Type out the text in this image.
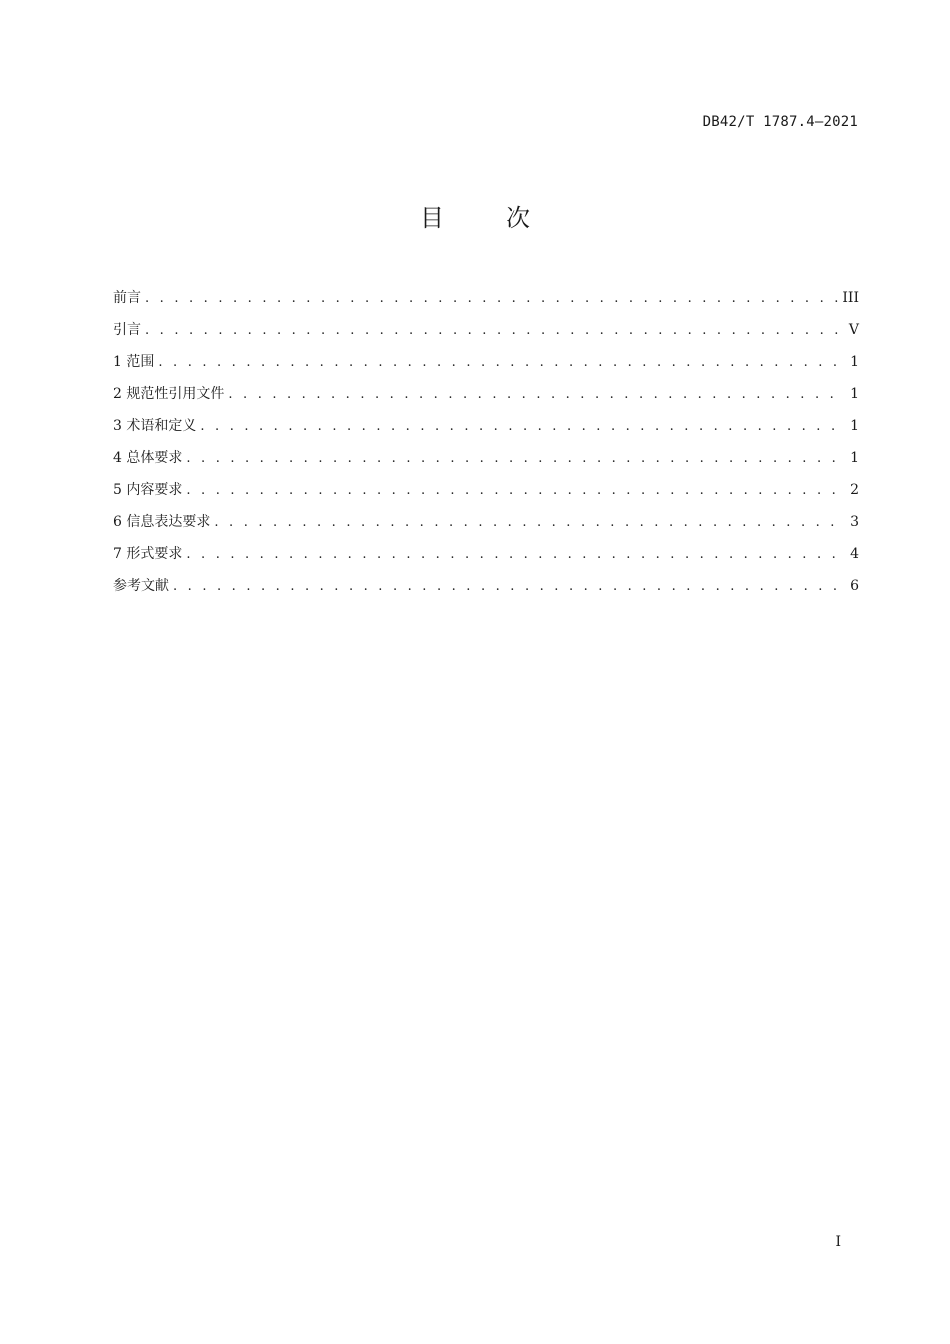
DB42/T 1787.4—2021
目	次
前言 . . .	III
引言 . . .	V
1 范围 . . .	1
2 规范性引用文件 . . .	1
3 术语和定义 . . .	1
4 总体要求 . . .	1
5 内容要求 . . .	2
6 信息表达要求 . . .	3
7 形式要求 . . .	4
参考文献 . . .	6
I
